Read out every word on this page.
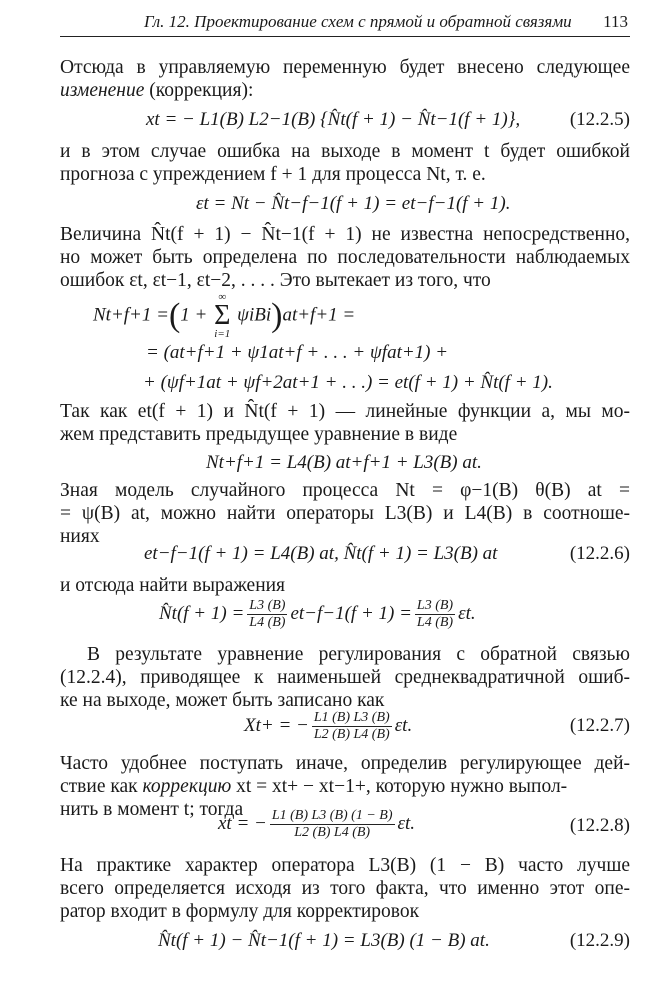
Гл. 12. Проектирование схем с прямой и обратной связями 113
Отсюда в управляемую переменную будет внесено следующее
изменение (коррекция):
xt = − L1(B) L2−1(B) {N̂t(f + 1) − N̂t−1(f + 1)},	(12.2.5)
и в этом случае ошибка на выходе в момент t будет ошибкой
прогноза с упреждением f + 1 для процесса Nt, т. е.
εt = Nt − N̂t−f−1(f + 1) = et−f−1(f + 1).
Величина N̂t(f + 1) − N̂t−1(f + 1) не известна непосредственно,
но может быть определена по последовательности наблюдаемых
ошибок εt, εt−1, εt−2, . . . . Это вытекает из того, что
Nt+f+1 =(1 +
∞
Σ
i=1
ψiBi)at+f+1 =
= (at+f+1 + ψ1at+f + . . . + ψfat+1) +
+ (ψf+1at + ψf+2at+1 + . . .) = et(f + 1) + N̂t(f + 1).
Так как et(f + 1) и N̂t(f + 1) — линейные функции a, мы мо-
жем представить предыдущее уравнение в виде
Nt+f+1 = L4(B) at+f+1 + L3(B) at.
Зная модель случайного процесса Nt = φ−1(B) θ(B) at =
= ψ(B) at, можно найти операторы L3(B) и L4(B) в соотноше-
ниях
et−f−1(f + 1) = L4(B) at, N̂t(f + 1) = L3(B) at	(12.2.6)
и отсюда найти выражения
N̂t(f + $1) = \frac{L3 (B)}{L4 (B)} et-f-1(f + 1) = \frac{L3 (B)}{L4 (B)} \varepsilon t$.
В результате уравнение регулирования с обратной связью
(12.2.4), приводящее к наименьшей среднеквадратичной ошиб-
ке на выходе, может быть записано как
Xt+ = − $\frac{L1 (B) L3 (B)}{L2 (B) L4 (B)} \varepsilon t$.	(12.2.7)
Часто удобнее поступать иначе, определив регулирующее дей-
ствие как коррекцию xt = xt+ − xt−1+, которую нужно выпол-
нить в момент t; тогда
xt = − $\frac{L1 (B) L3 (B) (1 - B)}{L2 (B) L4 (B)} \varepsilon t$.	(12.2.8)
На практике характер оператора L3(B) (1 − B) часто лучше
всего определяется исходя из того факта, что именно этот опе-
ратор входит в формулу для корректировок
N̂t(f + 1) − N̂t−1(f + 1) = L3(B) (1 − B) at.	(12.2.9)
